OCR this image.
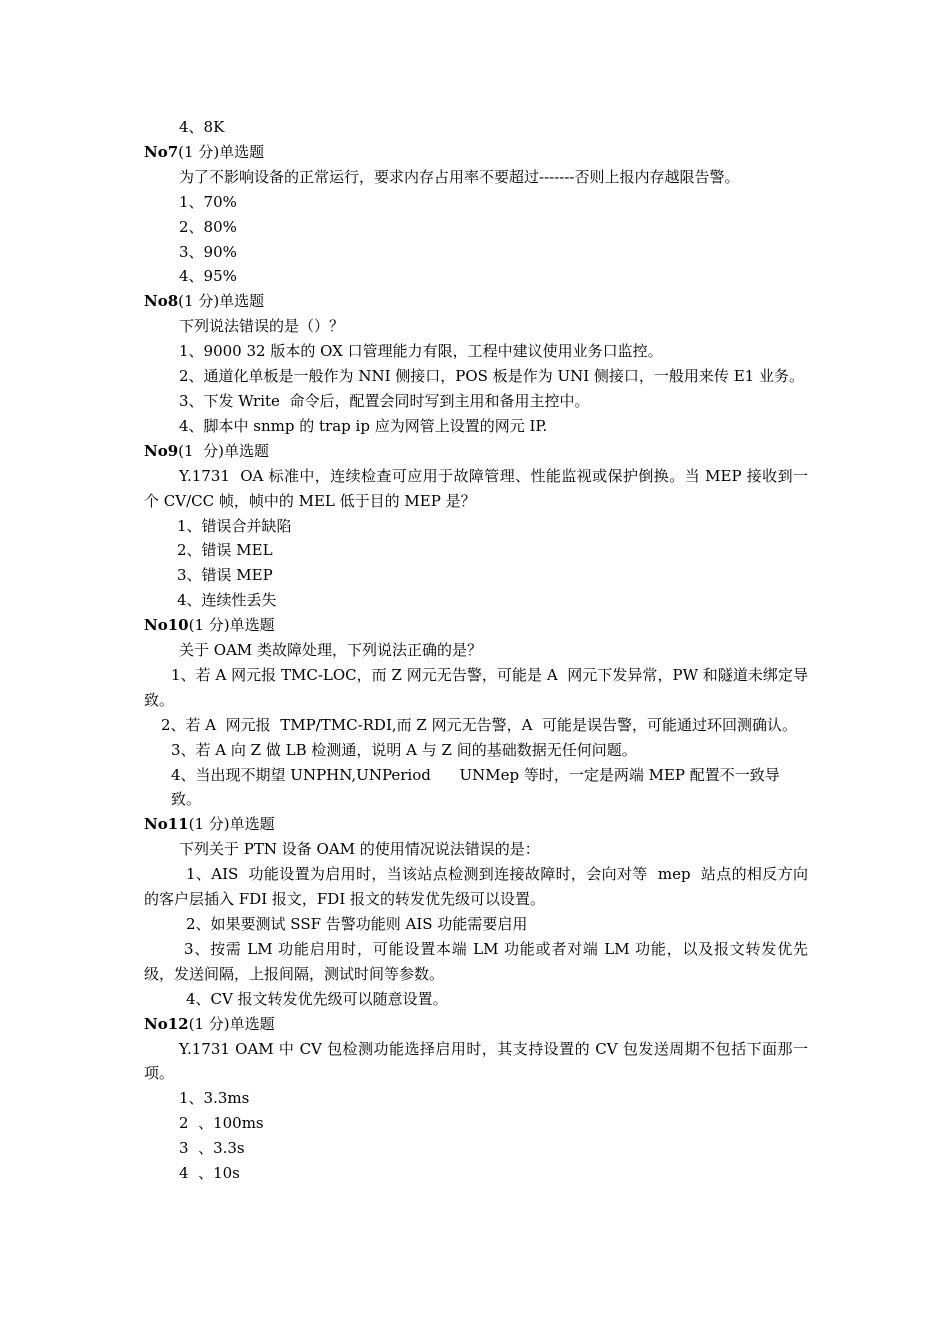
4、8K
No7(1 分)单选题
为了不影响设备的正常运行，要求内存占用率不要超过-------否则上报内存越限告警。
1、70%
2、80%
3、90%
4、95%
No8(1 分)单选题
下列说法错误的是（）？
1、9000 32 版本的 OX 口管理能力有限，工程中建议使用业务口监控。
2、通道化单板是一般作为 NNI 侧接口，POS 板是作为 UNI 侧接口，一般用来传 E1 业务。
3、下发 Write  命令后，配置会同时写到主用和备用主控中。
4、脚本中 snmp 的 trap ip 应为网管上设置的网元 IP.
No9(1  分)单选题
Y.1731  OA 标准中，连续检查可应用于故障管理、性能监视或保护倒换。当 MEP 接收到一个 CV/CC 帧，帧中的 MEL 低于目的 MEP 是？
1、错误合并缺陷
2、错误 MEL
3、错误 MEP
4、连续性丢失
No10(1 分)单选题
关于 OAM 类故障处理，下列说法正确的是？
1、若 A 网元报 TMC-LOC，而 Z 网元无告警，可能是 A  网元下发异常，PW 和隧道未绑定导致。
2、若 A  网元报  TMP/TMC-RDI,而 Z 网元无告警，A  可能是误告警，可能通过环回测确认。
3、若 A 向 Z 做 LB 检测通，说明 A 与 Z 间的基础数据无任何问题。
4、当出现不期望 UNPHN,UNPeriod      UNMep 等时，一定是两端 MEP 配置不一致导致。
No11(1 分)单选题
下列关于 PTN 设备 OAM 的使用情况说法错误的是：
1、AIS  功能设置为启用时，当该站点检测到连接故障时，会向对等  mep  站点的相反方向的客户层插入 FDI 报文，FDI 报文的转发优先级可以设置。
2、如果要测试 SSF 告警功能则 AIS 功能需要启用
3、按需 LM 功能启用时，可能设置本端 LM 功能或者对端 LM 功能，以及报文转发优先级，发送间隔，上报间隔，测试时间等参数。
4、CV 报文转发优先级可以随意设置。
No12(1 分)单选题
Y.1731 OAM 中 CV 包检测功能选择启用时，其支持设置的 CV 包发送周期不包括下面那一项。
1、3.3ms
2  、100ms
3  、3.3s
4  、10s
